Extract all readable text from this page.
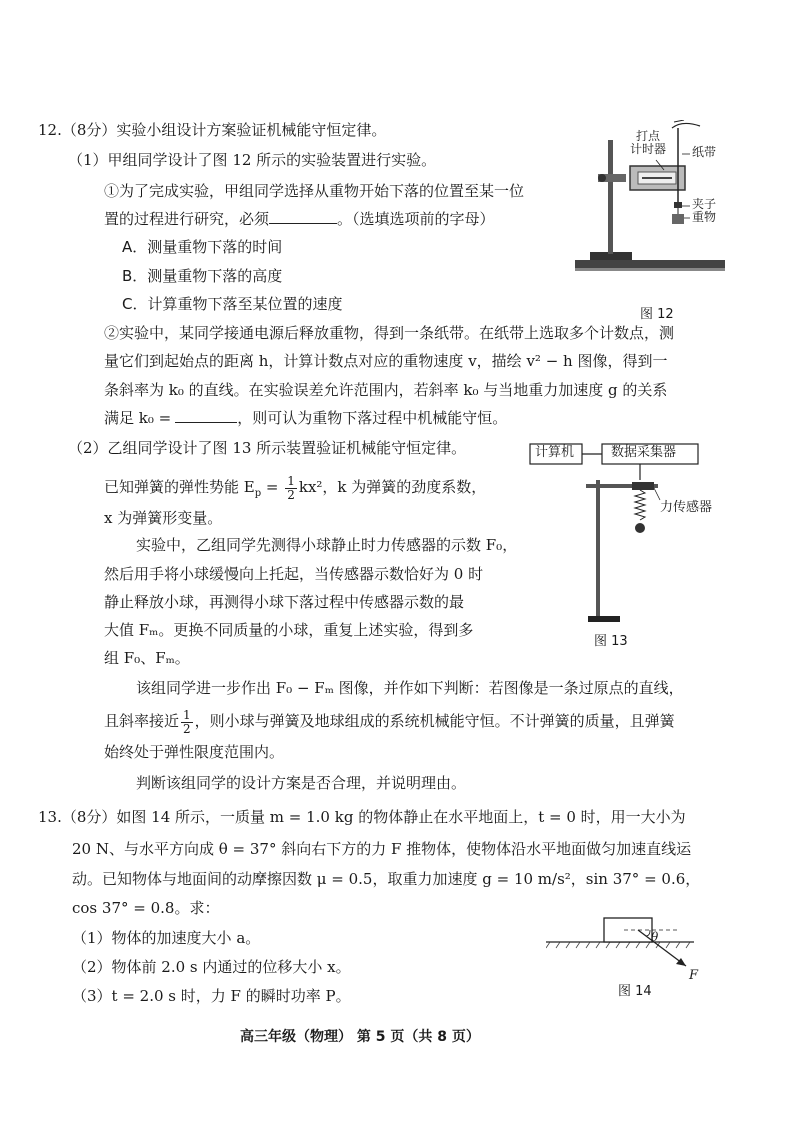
12.（8分）实验小组设计方案验证机械能守恒定律。
（1）甲组同学设计了图 12 所示的实验装置进行实验。
①为了完成实验，甲组同学选择从重物开始下落的位置至某一位
置的过程进行研究，必须	。（选填选项前的字母）
A．测量重物下落的时间
B．测量重物下落的高度
C．计算重物下落至某位置的速度
②实验中，某同学接通电源后释放重物，得到一条纸带。在纸带上选取多个计数点，测
量它们到起始点的距离 h，计算计数点对应的重物速度 v，描绘 v² − h 图像，得到一
条斜率为 k₀ 的直线。在实验误差允许范围内，若斜率 k₀ 与当地重力加速度 g 的关系
满足 k₀ =	，则可认为重物下落过程中机械能守恒。
（2）乙组同学设计了图 13 所示装置验证机械能守恒定律。
已知弹簧的弹性势能 $E_p = \frac{1}{2} kx^2$，k 为弹簧的劲度系数，
x 为弹簧形变量。
实验中，乙组同学先测得小球静止时力传感器的示数 F₀，
然后用手将小球缓慢向上托起，当传感器示数恰好为 0 时
静止释放小球，再测得小球下落过程中传感器示数的最
大值 Fₘ。更换不同质量的小球，重复上述实验，得到多
组 F₀、Fₘ。
该组同学进一步作出 F₀ − Fₘ 图像，并作如下判断：若图像是一条过原点的直线，
且斜率接近 $\frac{1}{2}$ ，则小球与弹簧及地球组成的系统机械能守恒。不计弹簧的质量，且弹簧
始终处于弹性限度范围内。
判断该组同学的设计方案是否合理，并说明理由。
13.（8分）如图 14 所示，一质量 m = 1.0 kg 的物体静止在水平地面上，t = 0 时，用一大小为
20 N、与水平方向成 θ = 37° 斜向右下方的力 F 推物体，使物体沿水平地面做匀加速直线运
动。已知物体与地面间的动摩擦因数 μ = 0.5，取重力加速度 g = 10 m/s²，sin 37° = 0.6，
cos 37° = 0.8。求：
（1）物体的加速度大小 a。
（2）物体前 2.0 s 内通过的位移大小 x。
（3）t = 2.0 s 时，力 F 的瞬时功率 P。
打点
计时器 纸带
夹子
重物
图 12
计算机	数据采集器
力传感器
图 13
θ
F
图 14
高三年级（物理） 第 5 页（共 8 页）
